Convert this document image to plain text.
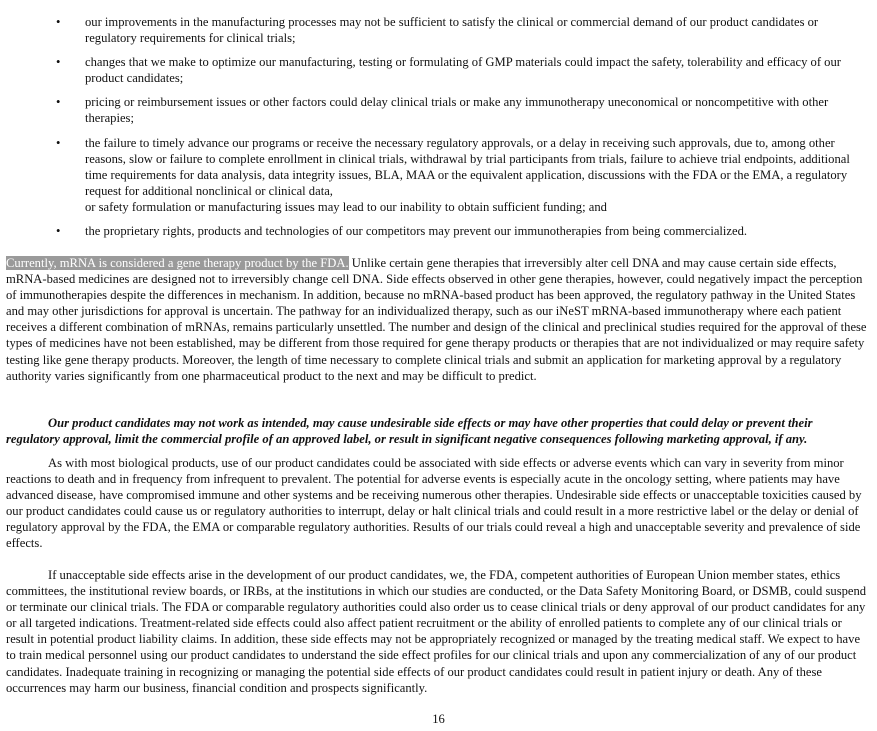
• our improvements in the manufacturing processes may not be sufficient to satisfy the clinical or commercial demand of our product candidates or regulatory requirements for clinical trials;
• changes that we make to optimize our manufacturing, testing or formulating of GMP materials could impact the safety, tolerability and efficacy of our product candidates;
• pricing or reimbursement issues or other factors could delay clinical trials or make any immunotherapy uneconomical or noncompetitive with other therapies;
• the failure to timely advance our programs or receive the necessary regulatory approvals, or a delay in receiving such approvals, due to, among other reasons, slow or failure to complete enrollment in clinical trials, withdrawal by trial participants from trials, failure to achieve trial endpoints, additional time requirements for data analysis, data integrity issues, BLA, MAA or the equivalent application, discussions with the FDA or the EMA, a regulatory request for additional nonclinical or clinical data,
or safety formulation or manufacturing issues may lead to our inability to obtain sufficient funding; and
• the proprietary rights, products and technologies of our competitors may prevent our immunotherapies from being commercialized.

Currently, mRNA is considered a gene therapy product by the FDA. Unlike certain gene therapies that irreversibly alter cell DNA and may cause certain side effects, mRNA-based medicines are designed not to irreversibly change cell DNA. Side effects observed in other gene therapies, however, could negatively impact the perception of immunotherapies despite the differences in mechanism. In addition, because no mRNA-based product has been approved, the regulatory pathway in the United States and may other jurisdictions for approval is uncertain. The pathway for an individualized therapy, such as our iNeST mRNA-based immunotherapy where each patient receives a different combination of mRNAs, remains particularly unsettled. The number and design of the clinical and preclinical studies required for the approval of these types of medicines have not been established, may be different from those required for gene therapy products or therapies that are not individualized or may require safety testing like gene therapy products. Moreover, the length of time necessary to complete clinical trials and submit an application for marketing approval by a regulatory authority varies significantly from one pharmaceutical product to the next and may be difficult to predict.

Our product candidates may not work as intended, may cause undesirable side effects or may have other properties that could delay or prevent their regulatory approval, limit the commercial profile of an approved label, or result in significant negative consequences following marketing approval, if any.

As with most biological products, use of our product candidates could be associated with side effects or adverse events which can vary in severity from minor reactions to death and in frequency from infrequent to prevalent. The potential for adverse events is especially acute in the oncology setting, where patients may have advanced disease, have compromised immune and other systems and be receiving numerous other therapies. Undesirable side effects or unacceptable toxicities caused by our product candidates could cause us or regulatory authorities to interrupt, delay or halt clinical trials and could result in a more restrictive label or the delay or denial of regulatory approval by the FDA, the EMA or comparable regulatory authorities. Results of our trials could reveal a high and unacceptable severity and prevalence of side effects.

If unacceptable side effects arise in the development of our product candidates, we, the FDA, competent authorities of European Union member states, ethics committees, the institutional review boards, or IRBs, at the institutions in which our studies are conducted, or the Data Safety Monitoring Board, or DSMB, could suspend or terminate our clinical trials. The FDA or comparable regulatory authorities could also order us to cease clinical trials or deny approval of our product candidates for any or all targeted indications. Treatment-related side effects could also affect patient recruitment or the ability of enrolled patients to complete any of our clinical trials or result in potential product liability claims. In addition, these side effects may not be appropriately recognized or managed by the treating medical staff. We expect to have to train medical personnel using our product candidates to understand the side effect profiles for our clinical trials and upon any commercialization of any of our product candidates. Inadequate training in recognizing or managing the potential side effects of our product candidates could result in patient injury or death. Any of these occurrences may harm our business, financial condition and prospects significantly.

16
